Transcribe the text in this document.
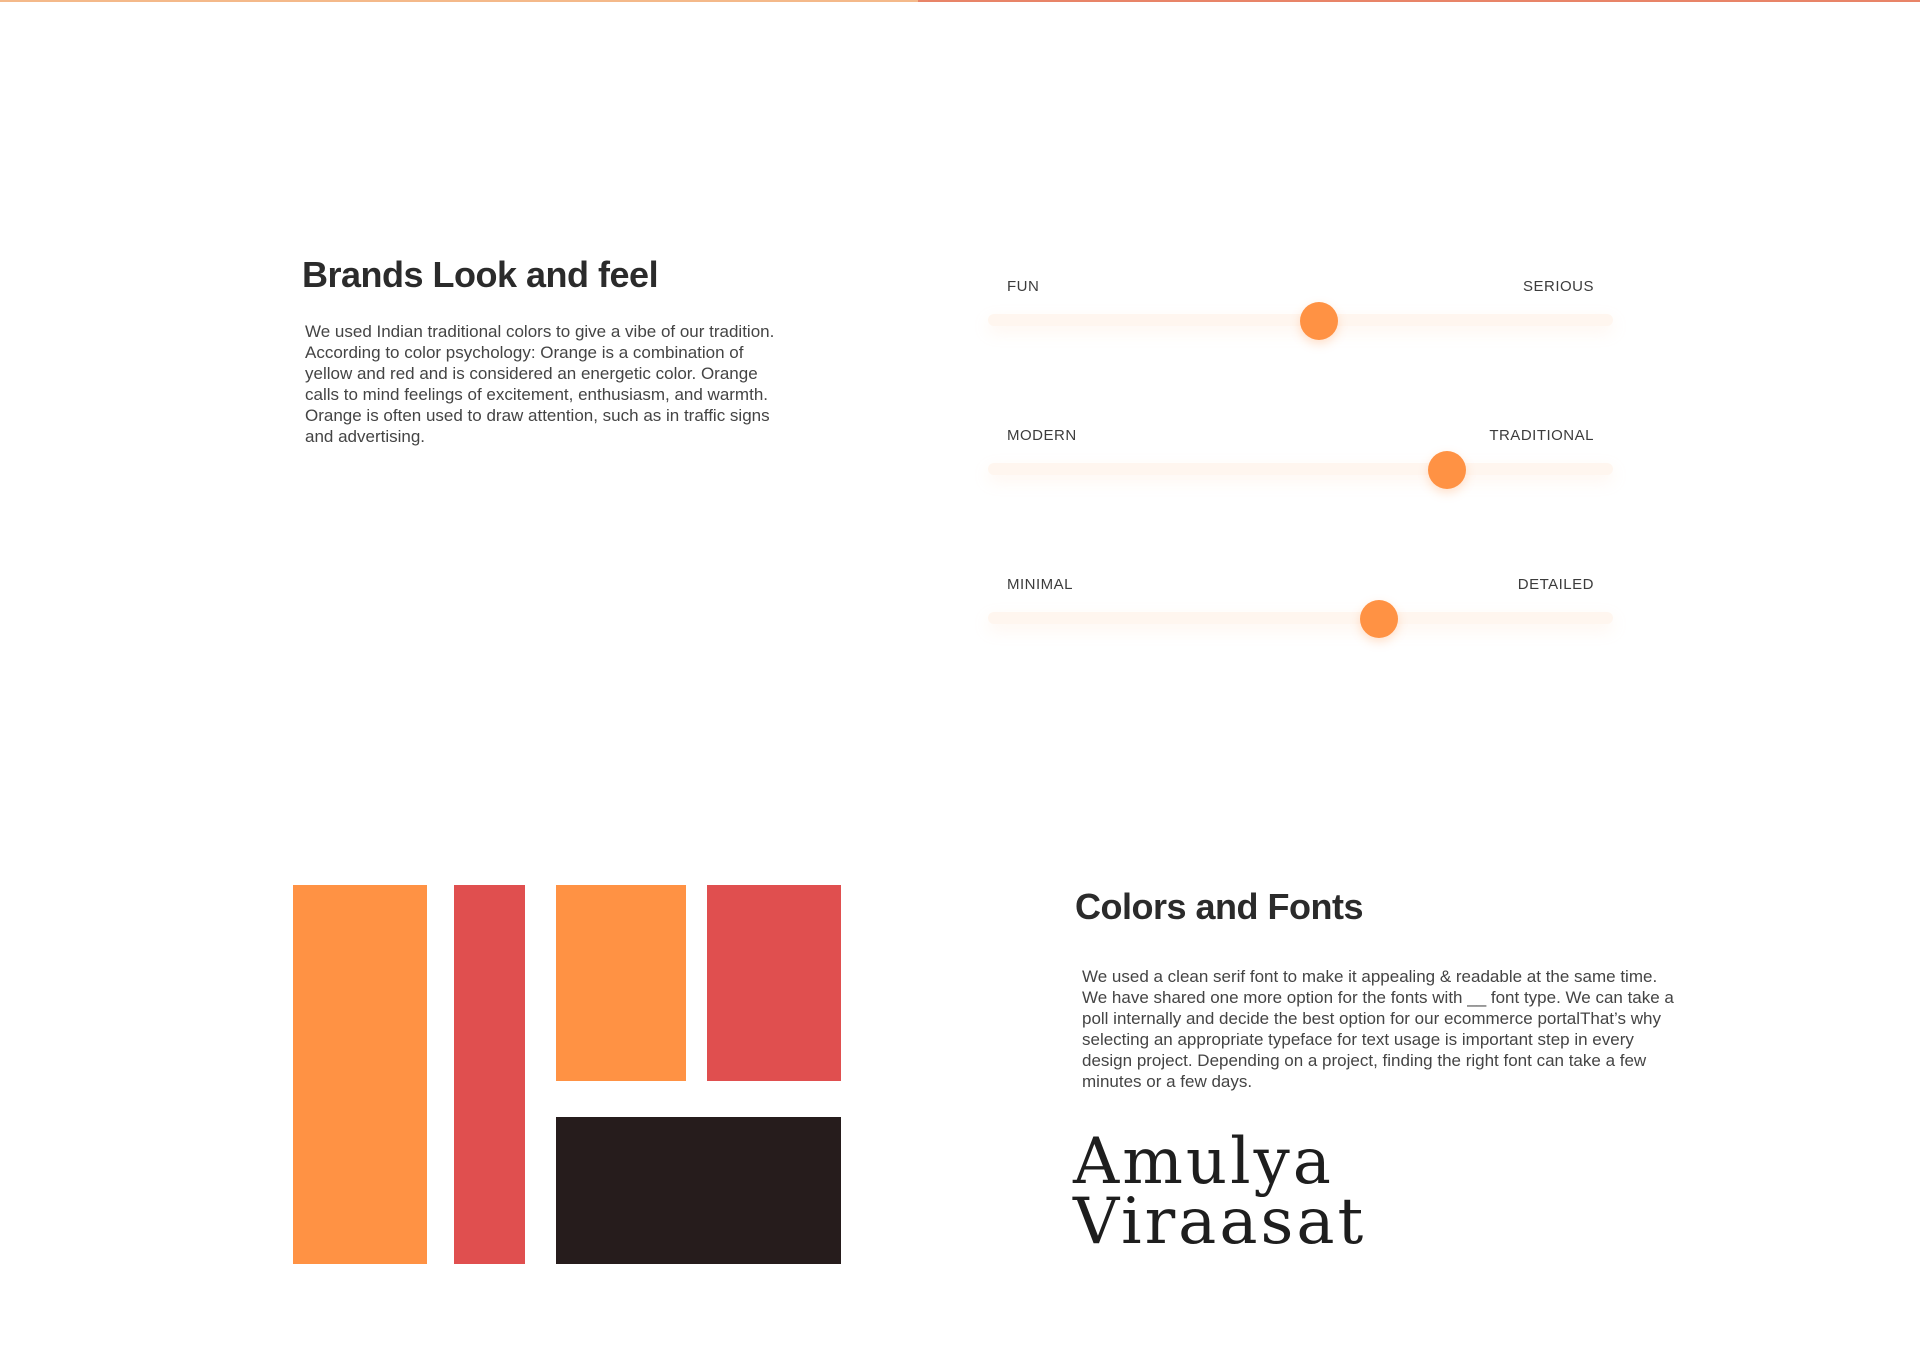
Brands Look and feel

We used Indian traditional colors to give a vibe of our tradition. According to color psychology: Orange is a combination of yellow and red and is considered an energetic color. Orange calls to mind feelings of excitement, enthusiasm, and warmth. Orange is often used to draw attention, such as in traffic signs and advertising.

FUN	SERIOUS
MODERN	TRADITIONAL
MINIMAL	DETAILED
Colors and Fonts

We used a clean serif font to make it appealing & readable at the same time. We have shared one more option for the fonts with __ font type. We can take a poll internally and decide the best option for our ecommerce portalThat’s why selecting an appropriate typeface for text usage is important step in every design project. Depending on a project, finding the right font can take a few minutes or a few days.

Amulya
Viraasat
